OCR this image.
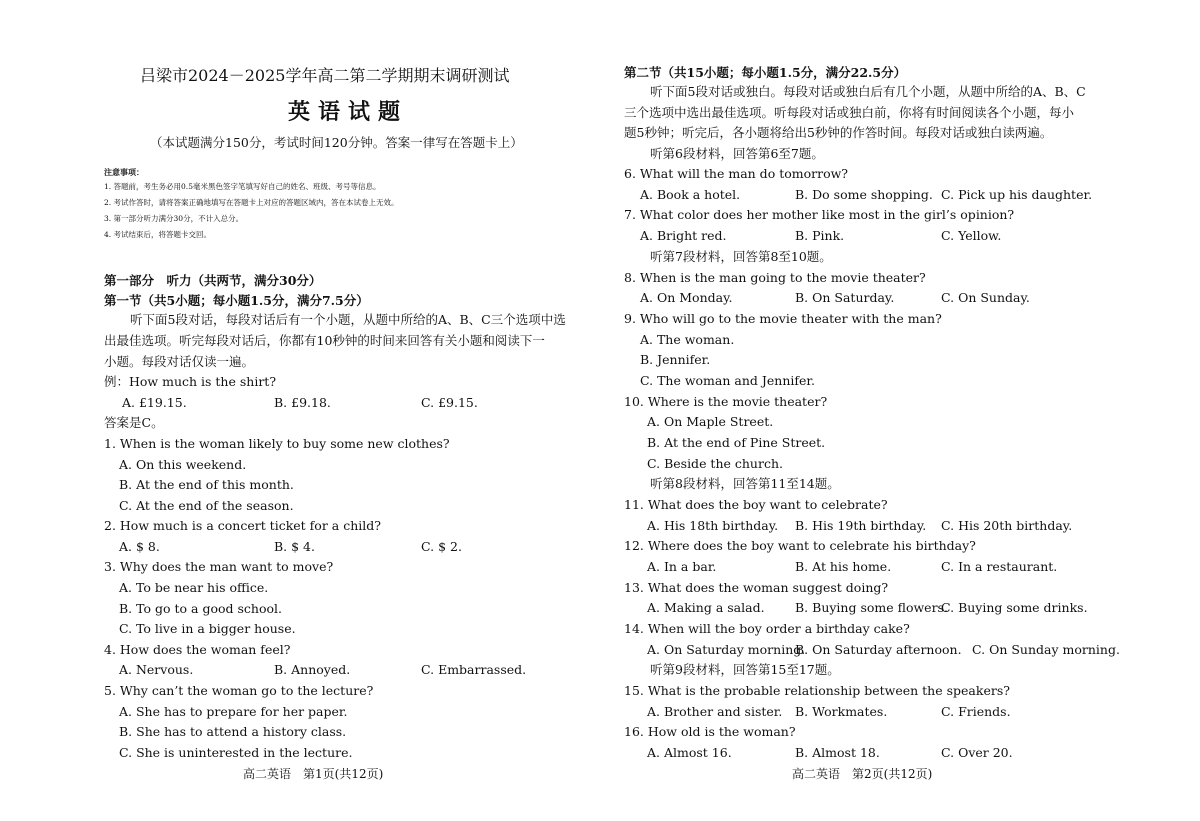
吕梁市2024－2025学年高二第二学期期末调研测试
英语试题
（本试题满分150分，考试时间120分钟。答案一律写在答题卡上）
注意事项：
1. 答题前，考生务必用0.5毫米黑色签字笔填写好自己的姓名、班级、考号等信息。
2. 考试作答时，请将答案正确地填写在答题卡上对应的答题区域内，答在本试卷上无效。
3. 第一部分听力满分30分，不计入总分。
4. 考试结束后，将答题卡交回。
第一部分　听力（共两节，满分30分）
第一节（共5小题；每小题1.5分，满分7.5分）
听下面5段对话，每段对话后有一个小题，从题中所给的A、B、C三个选项中选
出最佳选项。听完每段对话后，你都有10秒钟的时间来回答有关小题和阅读下一
小题。每段对话仅读一遍。
例：How much is the shirt?
A. £19.15.	B. £9.18.	C. £9.15.
答案是C。
1. When is the woman likely to buy some new clothes?
A. On this weekend.
B. At the end of this month.
C. At the end of the season.
2. How much is a concert ticket for a child?
A. $ 8.	B. $ 4.	C. $ 2.
3. Why does the man want to move?
A. To be near his office.
B. To go to a good school.
C. To live in a bigger house.
4. How does the woman feel?
A. Nervous.	B. Annoyed.	C. Embarrassed.
5. Why can’t the woman go to the lecture?
A. She has to prepare for her paper.
B. She has to attend a history class.
C. She is uninterested in the lecture.
高二英语　第1页(共12页)
第二节（共15小题；每小题1.5分，满分22.5分）
听下面5段对话或独白。每段对话或独白后有几个小题，从题中所给的A、B、C
三个选项中选出最佳选项。听每段对话或独白前，你将有时间阅读各个小题，每小
题5秒钟；听完后，各小题将给出5秒钟的作答时间。每段对话或独白读两遍。
听第6段材料，回答第6至7题。
6. What will the man do tomorrow?
A. Book a hotel.	B. Do some shopping. C. Pick up his daughter.
7. What color does her mother like most in the girl’s opinion?
A. Bright red.	B. Pink.	C. Yellow.
听第7段材料，回答第8至10题。
8. When is the man going to the movie theater?
A. On Monday.	B. On Saturday.	C. On Sunday.
9. Who will go to the movie theater with the man?
A. The woman.
B. Jennifer.
C. The woman and Jennifer.
10. Where is the movie theater?
A. On Maple Street.
B. At the end of Pine Street.
C. Beside the church.
听第8段材料，回答第11至14题。
11. What does the boy want to celebrate?
A. His 18th birthday. B. His 19th birthday. C. His 20th birthday.
12. Where does the boy want to celebrate his birthday?
A. In a bar.	B. At his home.	C. In a restaurant.
13. What does the woman suggest doing?
A. Making a salad. B. Buying some flowers.
C. Buying some drinks.
14. When will the boy order a birthday cake?
A. On Saturday morning.
B. On Saturday afternoon. C. On Sunday morning.
听第9段材料，回答第15至17题。
15. What is the probable relationship between the speakers?
A. Brother and sister. B. Workmates.	C. Friends.
16. How old is the woman?
A. Almost 16.	B. Almost 18.	C. Over 20.
高二英语　第2页(共12页)
